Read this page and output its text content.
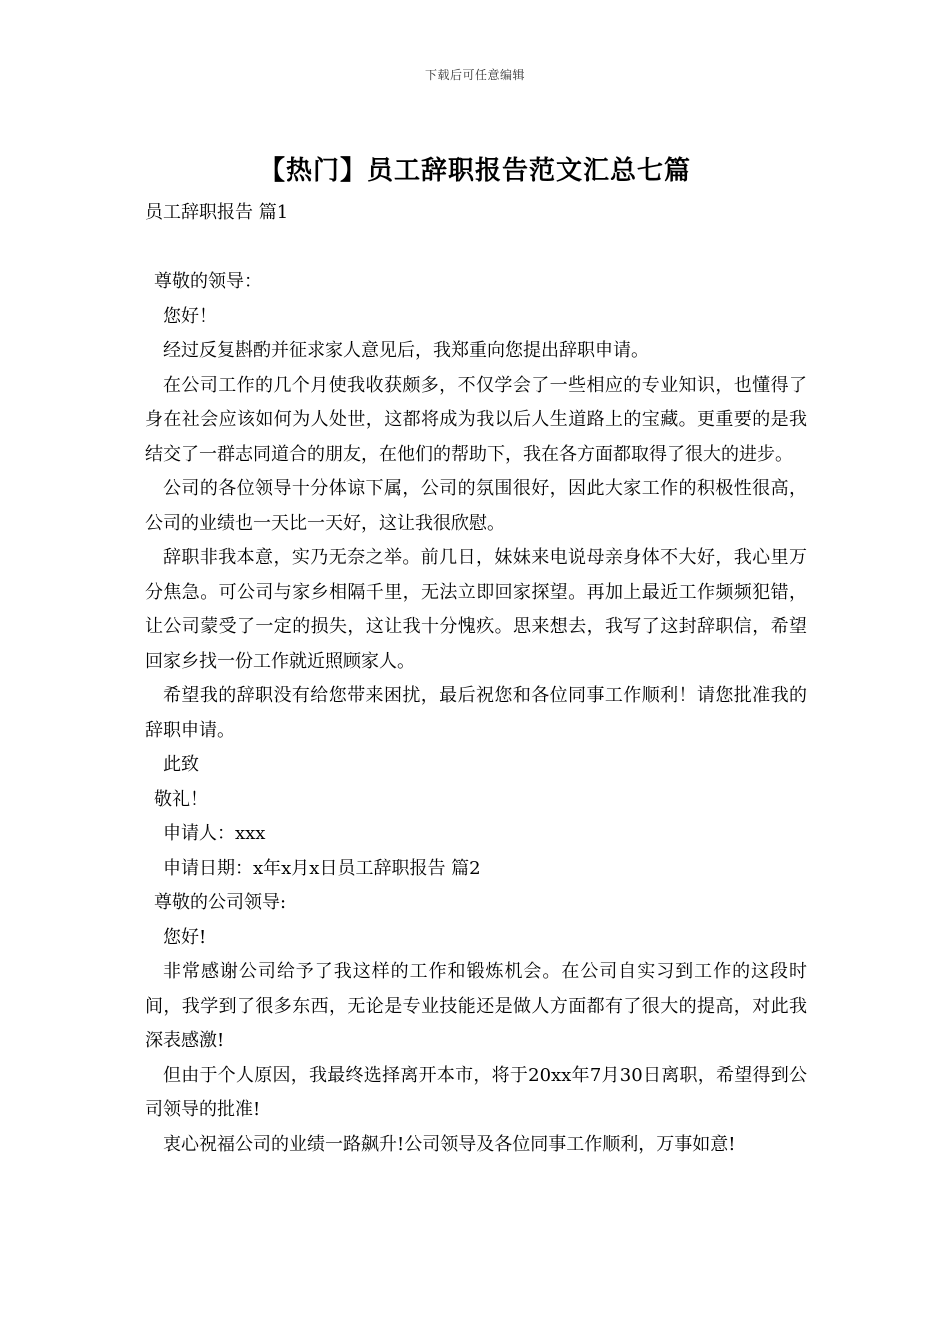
下载后可任意编辑
【热门】员工辞职报告范文汇总七篇

员工辞职报告 篇1

尊敬的领导：

您好！

经过反复斟酌并征求家人意见后，我郑重向您提出辞职申请。

在公司工作的几个月使我收获颇多，不仅学会了一些相应的专业知识，也懂得了身在社会应该如何为人处世，这都将成为我以后人生道路上的宝藏。更重要的是我结交了一群志同道合的朋友，在他们的帮助下，我在各方面都取得了很大的进步。

公司的各位领导十分体谅下属，公司的氛围很好，因此大家工作的积极性很高，公司的业绩也一天比一天好，这让我很欣慰。

辞职非我本意，实乃无奈之举。前几日，妹妹来电说母亲身体不大好，我心里万分焦急。可公司与家乡相隔千里，无法立即回家探望。再加上最近工作频频犯错，让公司蒙受了一定的损失，这让我十分愧疚。思来想去，我写了这封辞职信，希望回家乡找一份工作就近照顾家人。

希望我的辞职没有给您带来困扰，最后祝您和各位同事工作顺利！请您批准我的辞职申请。

此致

敬礼！

申请人：xxx

申请日期：x年x月x日员工辞职报告 篇2

尊敬的公司领导:

您好!

非常感谢公司给予了我这样的工作和锻炼机会。在公司自实习到工作的这段时间，我学到了很多东西，无论是专业技能还是做人方面都有了很大的提高，对此我深表感激!

但由于个人原因，我最终选择离开本市，将于20xx年7月30日离职，希望得到公司领导的批准!

衷心祝福公司的业绩一路飙升!公司领导及各位同事工作顺利，万事如意!
